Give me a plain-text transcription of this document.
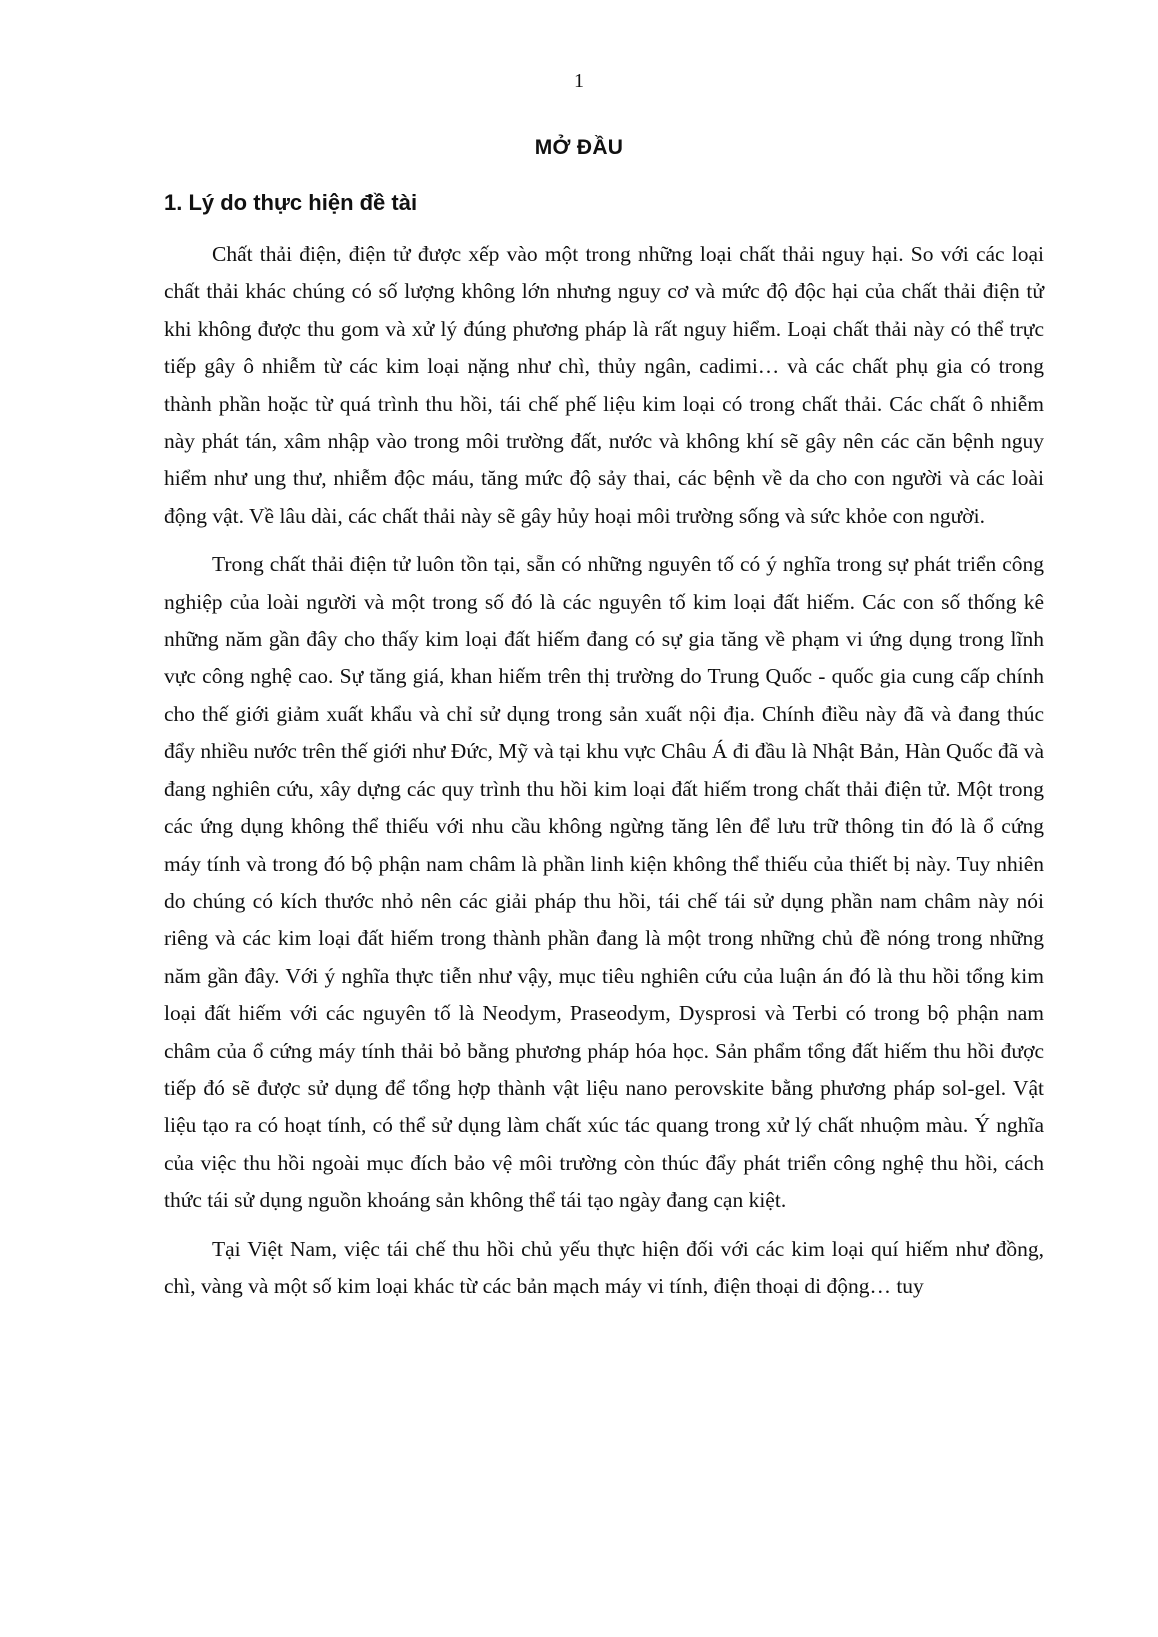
1
MỞ ĐẦU
1. Lý do thực hiện đề tài

Chất thải điện, điện tử được xếp vào một trong những loại chất thải nguy hại. So với các loại chất thải khác chúng có số lượng không lớn nhưng nguy cơ và mức độ độc hại của chất thải điện tử khi không được thu gom và xử lý đúng phương pháp là rất nguy hiểm. Loại chất thải này có thể trực tiếp gây ô nhiễm từ các kim loại nặng như chì, thủy ngân, cadimi… và các chất phụ gia có trong thành phần hoặc từ quá trình thu hồi, tái chế phế liệu kim loại có trong chất thải. Các chất ô nhiễm này phát tán, xâm nhập vào trong môi trường đất, nước và không khí sẽ gây nên các căn bệnh nguy hiểm như ung thư, nhiễm độc máu, tăng mức độ sảy thai, các bệnh về da cho con người và các loài động vật. Về lâu dài, các chất thải này sẽ gây hủy hoại môi trường sống và sức khỏe con người.

Trong chất thải điện tử luôn tồn tại, sẵn có những nguyên tố có ý nghĩa trong sự phát triển công nghiệp của loài người và một trong số đó là các nguyên tố kim loại đất hiếm. Các con số thống kê những năm gần đây cho thấy kim loại đất hiếm đang có sự gia tăng về phạm vi ứng dụng trong lĩnh vực công nghệ cao. Sự tăng giá, khan hiếm trên thị trường do Trung Quốc - quốc gia cung cấp chính cho thế giới giảm xuất khẩu và chỉ sử dụng trong sản xuất nội địa. Chính điều này đã và đang thúc đẩy nhiều nước trên thế giới như Đức, Mỹ và tại khu vực Châu Á đi đầu là Nhật Bản, Hàn Quốc đã và đang nghiên cứu, xây dựng các quy trình thu hồi kim loại đất hiếm trong chất thải điện tử. Một trong các ứng dụng không thể thiếu với nhu cầu không ngừng tăng lên để lưu trữ thông tin đó là ổ cứng máy tính và trong đó bộ phận nam châm là phần linh kiện không thể thiếu của thiết bị này. Tuy nhiên do chúng có kích thước nhỏ nên các giải pháp thu hồi, tái chế tái sử dụng phần nam châm này nói riêng và các kim loại đất hiếm trong thành phần đang là một trong những chủ đề nóng trong những năm gần đây. Với ý nghĩa thực tiễn như vậy, mục tiêu nghiên cứu của luận án đó là thu hồi tổng kim loại đất hiếm với các nguyên tố là Neodym, Praseodym, Dysprosi và Terbi có trong bộ phận nam châm của ổ cứng máy tính thải bỏ bằng phương pháp hóa học. Sản phẩm tổng đất hiếm thu hồi được tiếp đó sẽ được sử dụng để tổng hợp thành vật liệu nano perovskite bằng phương pháp sol-gel. Vật liệu tạo ra có hoạt tính, có thể sử dụng làm chất xúc tác quang trong xử lý chất nhuộm màu. Ý nghĩa của việc thu hồi ngoài mục đích bảo vệ môi trường còn thúc đẩy phát triển công nghệ thu hồi, cách thức tái sử dụng nguồn khoáng sản không thể tái tạo ngày đang cạn kiệt.

Tại Việt Nam, việc tái chế thu hồi chủ yếu thực hiện đối với các kim loại quí hiếm như đồng, chì, vàng và một số kim loại khác từ các bản mạch máy vi tính, điện thoại di động… tuy
